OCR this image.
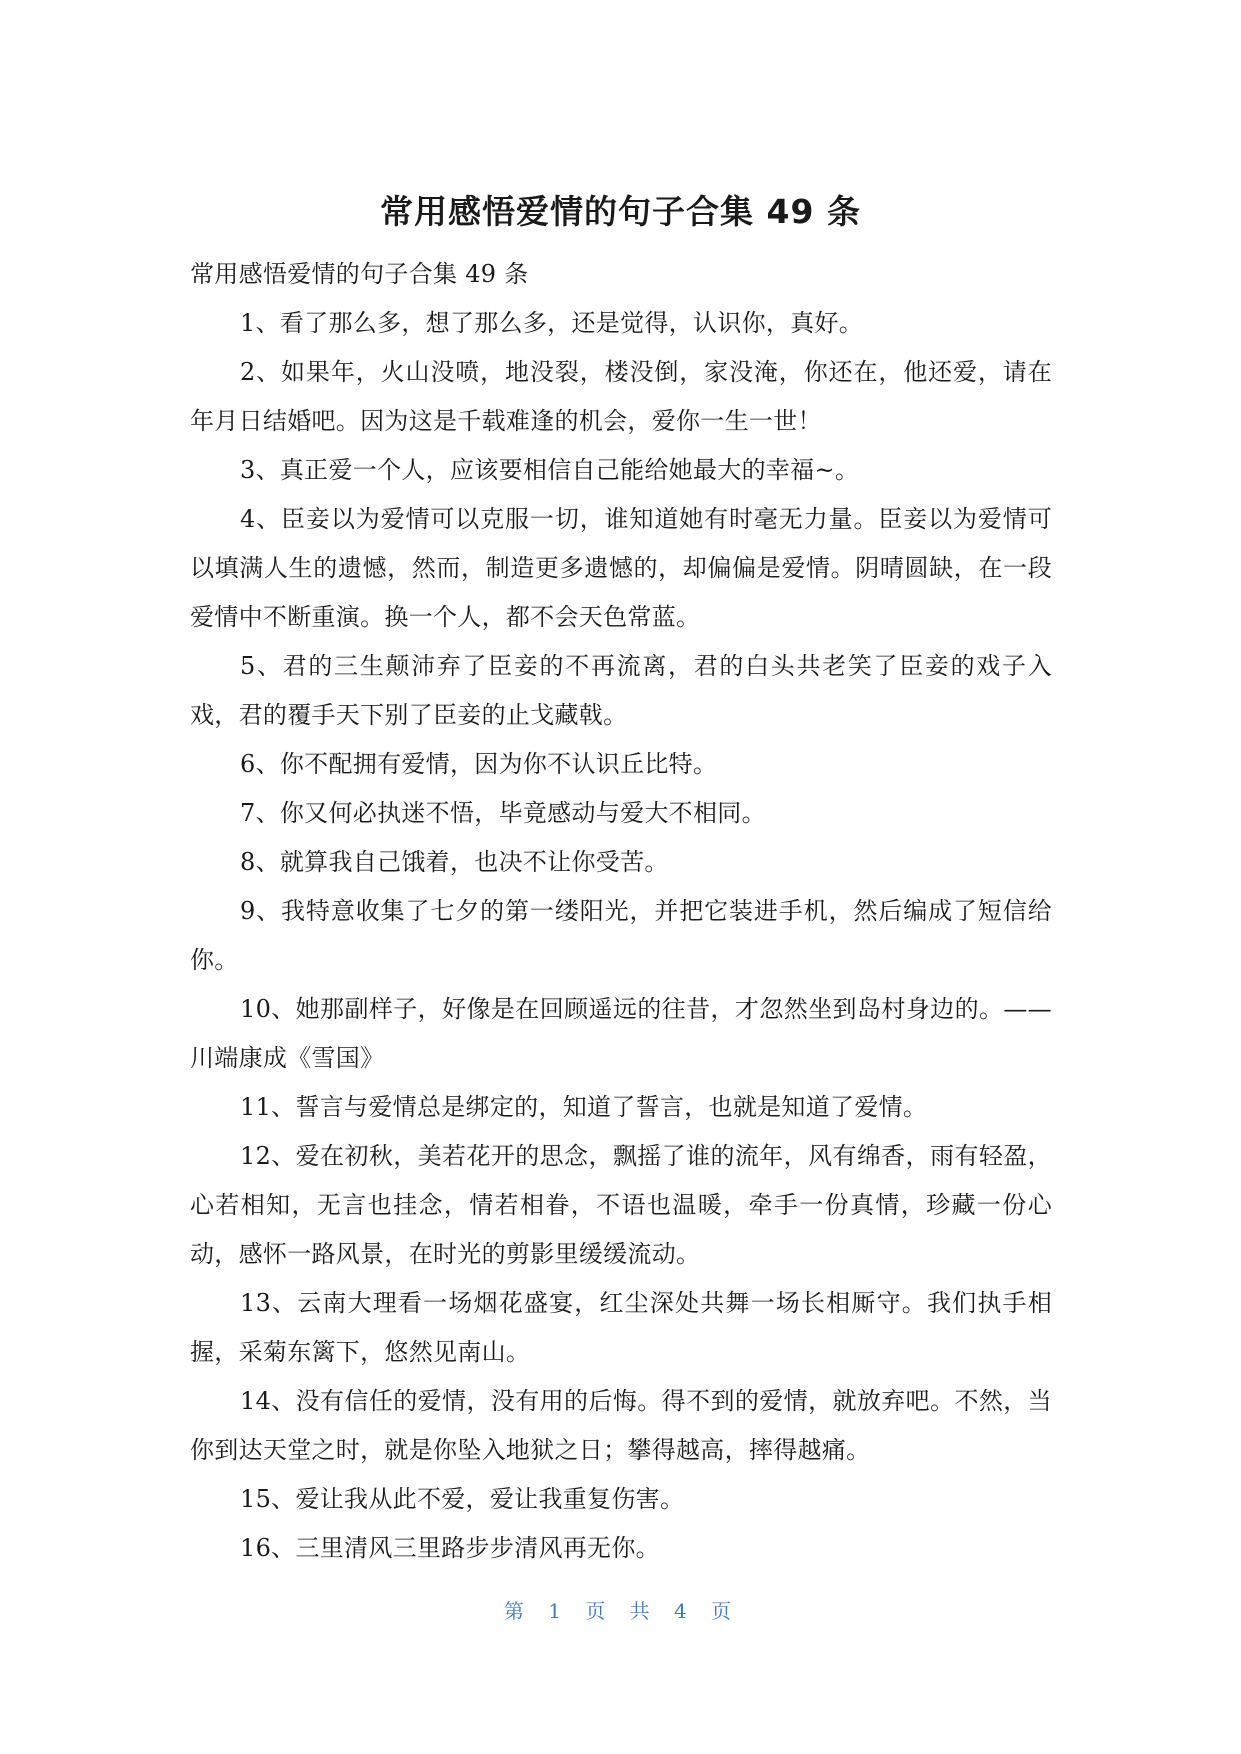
常用感悟爱情的句子合集 49 条

常用感悟爱情的句子合集 49 条

1、看了那么多，想了那么多，还是觉得，认识你，真好。

2、如果年，火山没喷，地没裂，楼没倒，家没淹，你还在，他还爱，请在年月日结婚吧。因为这是千载难逢的机会，爱你一生一世！

3、真正爱一个人，应该要相信自己能给她最大的幸福~。

4、臣妾以为爱情可以克服一切，谁知道她有时毫无力量。臣妾以为爱情可以填满人生的遗憾，然而，制造更多遗憾的，却偏偏是爱情。阴晴圆缺，在一段爱情中不断重演。换一个人，都不会天色常蓝。

5、君的三生颠沛弃了臣妾的不再流离，君的白头共老笑了臣妾的戏子入戏，君的覆手天下别了臣妾的止戈藏戟。

6、你不配拥有爱情，因为你不认识丘比特。

7、你又何必执迷不悟，毕竟感动与爱大不相同。

8、就算我自己饿着，也决不让你受苦。

9、我特意收集了七夕的第一缕阳光，并把它装进手机，然后编成了短信给你。

10、她那副样子，好像是在回顾遥远的往昔，才忽然坐到岛村身边的。——川端康成《雪国》

11、誓言与爱情总是绑定的，知道了誓言，也就是知道了爱情。

12、爱在初秋，美若花开的思念，飘摇了谁的流年，风有绵香，雨有轻盈，心若相知，无言也挂念，情若相眷，不语也温暖，牵手一份真情，珍藏一份心动，感怀一路风景，在时光的剪影里缓缓流动。

13、云南大理看一场烟花盛宴，红尘深处共舞一场长相厮守。我们执手相握，采菊东篱下，悠然见南山。

14、没有信任的爱情，没有用的后悔。得不到的爱情，就放弃吧。不然，当你到达天堂之时，就是你坠入地狱之日；攀得越高，摔得越痛。

15、爱让我从此不爱，爱让我重复伤害。

16、三里清风三里路步步清风再无你。

第 1 页 共 4 页
